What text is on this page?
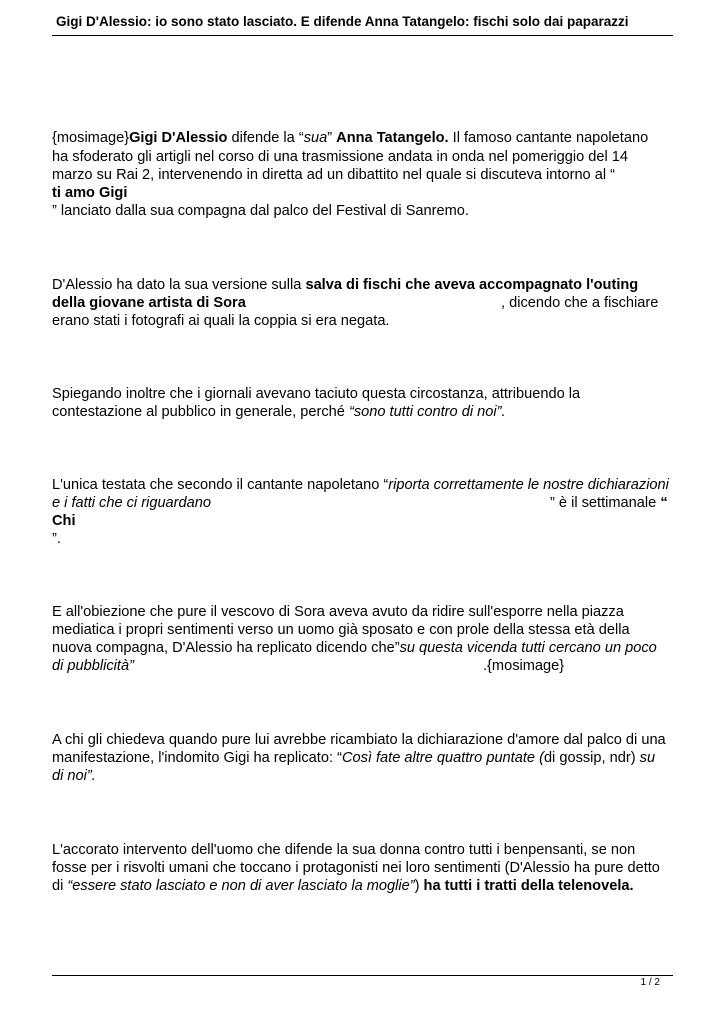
Gigi D'Alessio: io sono stato lasciato. E difende Anna Tatangelo: fischi solo dai paparazzi
{mosimage}Gigi D'Alessio difende la “sua” Anna Tatangelo. Il famoso cantante napoletano
ha sfoderato gli artigli nel corso di una trasmissione andata in onda nel pomeriggio del 14
marzo su Rai 2, intervenendo in diretta ad un dibattito nel quale si discuteva intorno al “
ti amo Gigi
” lanciato dalla sua compagna dal palco del Festival di Sanremo.
D'Alessio ha dato la sua versione sulla salva di fischi che aveva accompagnato l'outing
della giovane artista di Sora	, dicendo che a fischiare
erano stati i fotografi ai quali la coppia si era negata.
Spiegando inoltre che i giornali avevano taciuto questa circostanza, attribuendo la
contestazione al pubblico in generale, perché “sono tutti contro di noi”.
L'unica testata che secondo il cantante napoletano “riporta correttamente le nostre dichiarazioni
e i fatti che ci riguardano	” è il settimanale “
Chi
”.
E all'obiezione che pure il vescovo di Sora aveva avuto da ridire sull'esporre nella piazza
mediatica i propri sentimenti verso un uomo già sposato e con prole della stessa età della
nuova compagna, D'Alessio ha replicato dicendo che”su questa vicenda tutti cercano un poco
di pubblicità”	.{mosimage}
A chi gli chiedeva quando pure lui avrebbe ricambiato la dichiarazione d'amore dal palco di una
manifestazione, l'indomito Gigi ha replicato: “Così fate altre quattro puntate (di gossip, ndr) su
di noi”.
L'accorato intervento dell'uomo che difende la sua donna contro tutti i benpensanti, se non
fosse per i risvolti umani che toccano i protagonisti nei loro sentimenti (D'Alessio ha pure detto
di “essere stato lasciato e non di aver lasciato la moglie”) ha tutti i tratti della telenovela.
1 / 2
